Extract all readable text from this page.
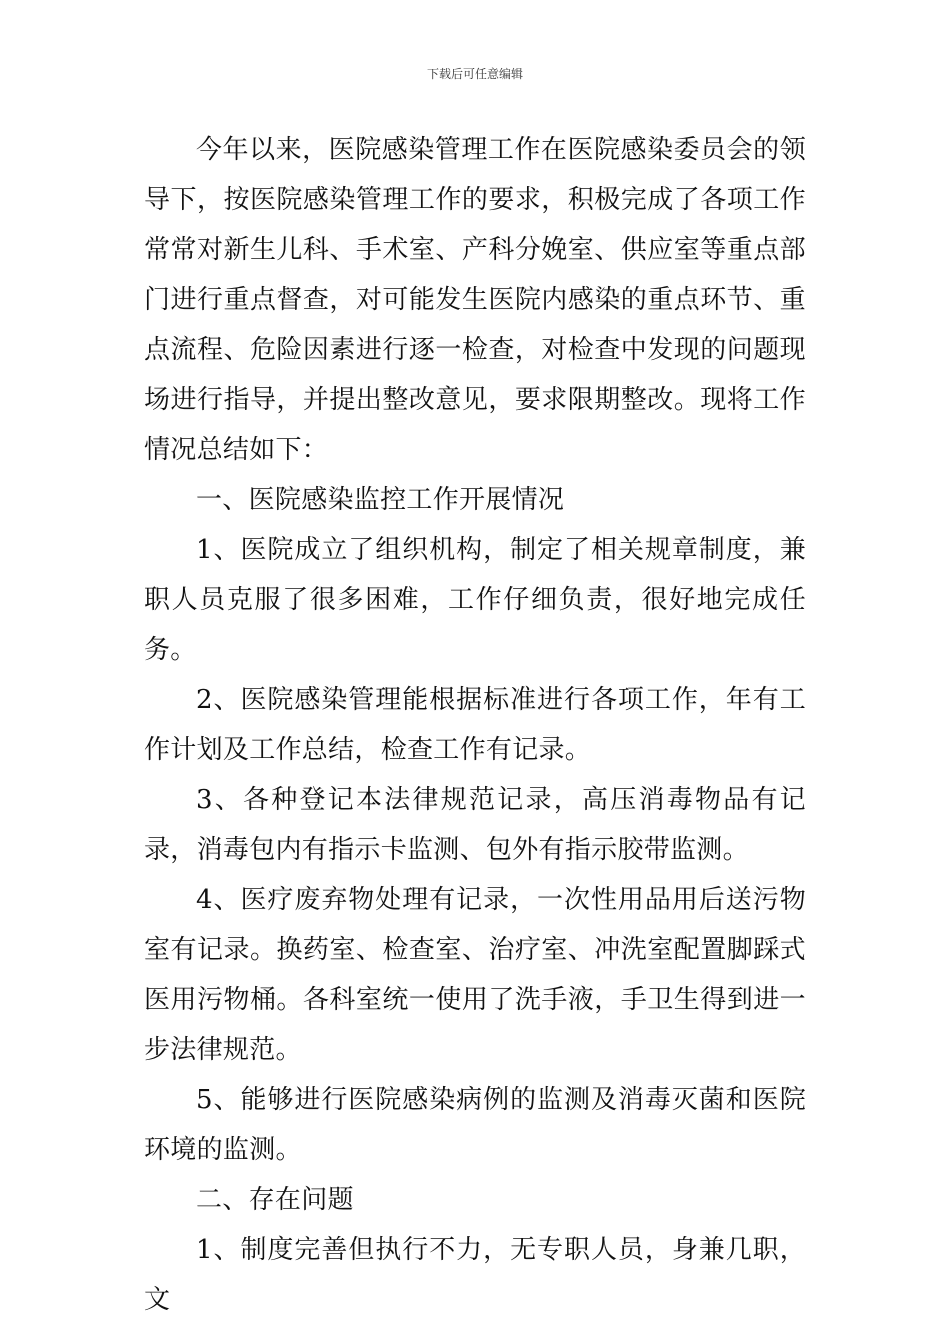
下载后可任意编辑

今年以来，医院感染管理工作在医院感染委员会的领导下，按医院感染管理工作的要求，积极完成了各项工作常常对新生儿科、手术室、产科分娩室、供应室等重点部门进行重点督查，对可能发生医院内感染的重点环节、重点流程、危险因素进行逐一检查，对检查中发现的问题现场进行指导，并提出整改意见，要求限期整改。现将工作情况总结如下：

一、医院感染监控工作开展情况

1、医院成立了组织机构，制定了相关规章制度，兼职人员克服了很多困难，工作仔细负责，很好地完成任务。

2、医院感染管理能根据标准进行各项工作，年有工作计划及工作总结，检查工作有记录。

3、各种登记本法律规范记录，高压消毒物品有记录，消毒包内有指示卡监测、包外有指示胶带监测。

4、医疗废弃物处理有记录，一次性用品用后送污物室有记录。换药室、检查室、治疗室、冲洗室配置脚踩式医用污物桶。各科室统一使用了洗手液，手卫生得到进一步法律规范。

5、能够进行医院感染病例的监测及消毒灭菌和医院环境的监测。

二、存在问题

1、制度完善但执行不力，无专职人员，身兼几职，文
